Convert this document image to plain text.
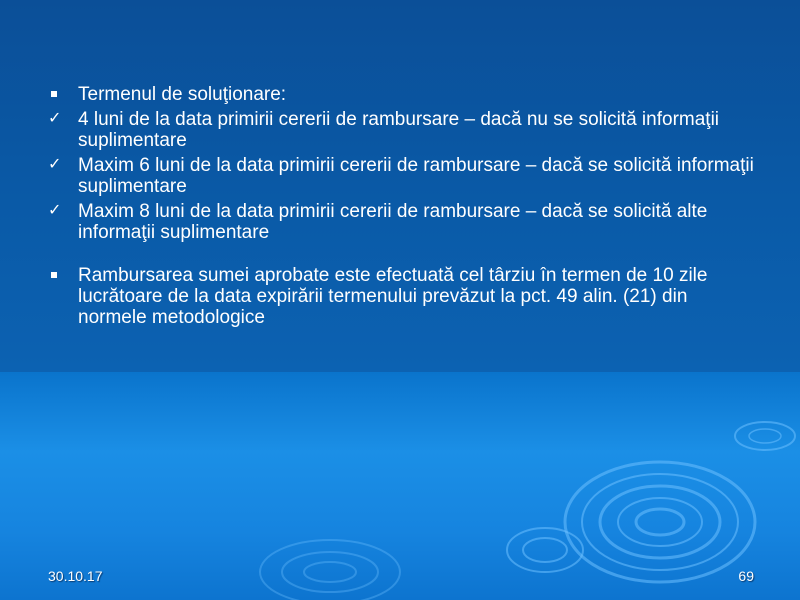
Termenul de soluţionare:
✓ 4 luni de la data primirii cererii de rambursare – dacă nu se solicită informaţii suplimentare
✓ Maxim 6 luni de la data primirii cererii de rambursare – dacă se solicită informaţii suplimentare
✓ Maxim 8 luni de la data primirii cererii de rambursare – dacă se solicită alte informaţii suplimentare
Rambursarea sumei aprobate este efectuată cel târziu în termen de 10 zile lucrătoare de la data expirării termenului prevăzut la pct. 49 alin. (21) din normele metodologice
30.10.17	69
